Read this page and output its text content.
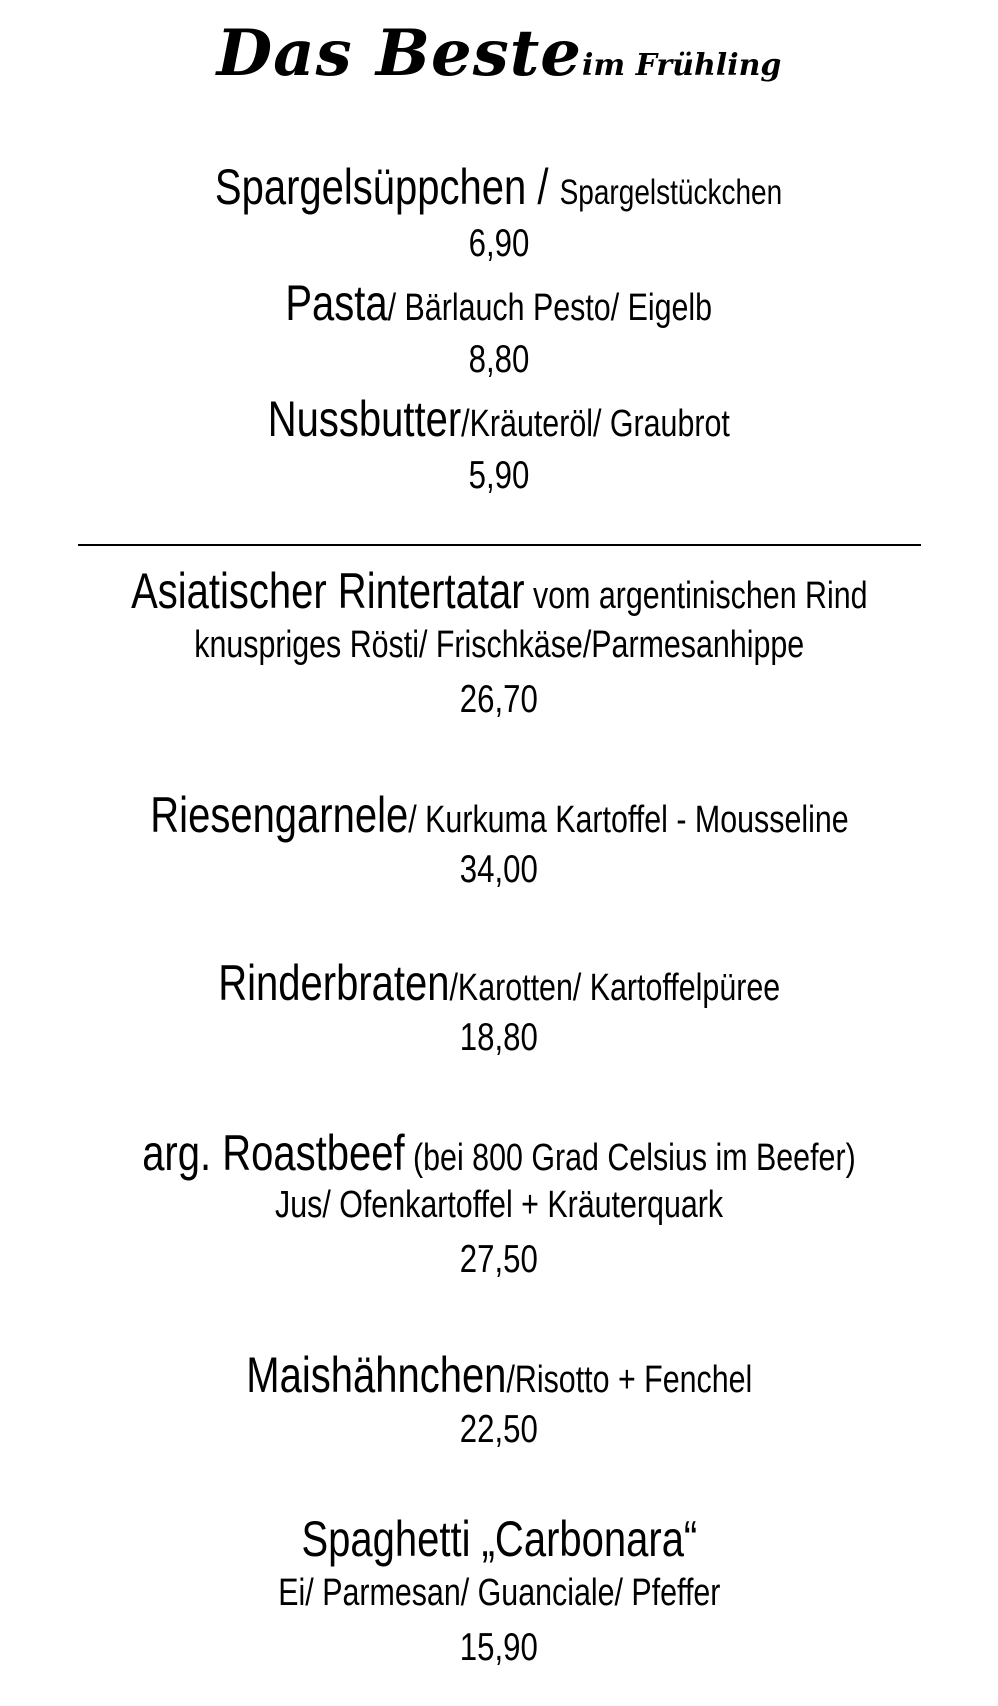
Das Besteim Frühling
Spargelsüppchen / Spargelstückchen
6,90
Pasta/ Bärlauch Pesto/ Eigelb
8,80
Nussbutter/Kräuteröl/ Graubrot
5,90
Asiatischer Rintertatar vom argentinischen Rind
knuspriges Rösti/ Frischkäse/Parmesanhippe
26,70
Riesengarnele/ Kurkuma Kartoffel - Mousseline
34,00
Rinderbraten/Karotten/ Kartoffelpüree
18,80
arg. Roastbeef (bei 800 Grad Celsius im Beefer)
Jus/ Ofenkartoffel + Kräuterquark
27,50
Maishähnchen/Risotto + Fenchel
22,50
Spaghetti „Carbonara“
Ei/ Parmesan/ Guanciale/ Pfeffer
15,90
